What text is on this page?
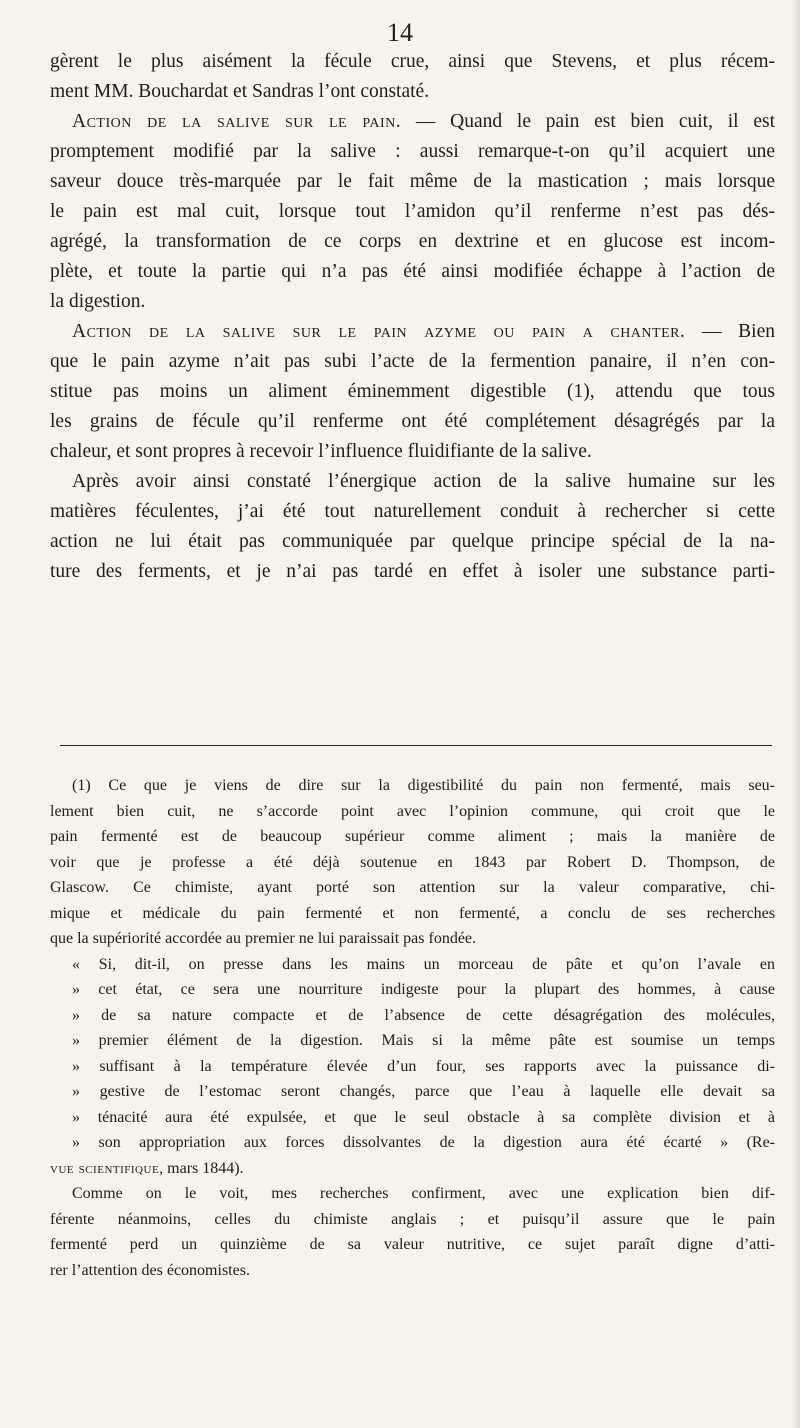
14
gèrent le plus aisément la fécule crue, ainsi que Stevens, et plus récem-
ment MM. Bouchardat et Sandras l’ont constaté.
Action de la salive sur le pain. — Quand le pain est bien cuit, il est
promptement modifié par la salive : aussi remarque-t-on qu’il acquiert une
saveur douce très-marquée par le fait même de la mastication ; mais lorsque
le pain est mal cuit, lorsque tout l’amidon qu’il renferme n’est pas dés-
agrégé, la transformation de ce corps en dextrine et en glucose est incom-
plète, et toute la partie qui n’a pas été ainsi modifiée échappe à l’action de
la digestion.
Action de la salive sur le pain azyme ou pain a chanter. — Bien
que le pain azyme n’ait pas subi l’acte de la fermention panaire, il n’en con-
stitue pas moins un aliment éminemment digestible (1), attendu que tous
les grains de fécule qu’il renferme ont été complétement désagrégés par la
chaleur, et sont propres à recevoir l’influence fluidifiante de la salive.
Après avoir ainsi constaté l’énergique action de la salive humaine sur les
matières féculentes, j’ai été tout naturellement conduit à rechercher si cette
action ne lui était pas communiquée par quelque principe spécial de la na-
ture des ferments, et je n’ai pas tardé en effet à isoler une substance parti-
(1) Ce que je viens de dire sur la digestibilité du pain non fermenté, mais seu-
lement bien cuit, ne s’accorde point avec l’opinion commune, qui croit que le
pain fermenté est de beaucoup supérieur comme aliment ; mais la manière de
voir que je professe a été déjà soutenue en 1843 par Robert D. Thompson, de
Glascow. Ce chimiste, ayant porté son attention sur la valeur comparative, chi-
mique et médicale du pain fermenté et non fermenté, a conclu de ses recherches
que la supériorité accordée au premier ne lui paraissait pas fondée.
« Si, dit-il, on presse dans les mains un morceau de pâte et qu’on l’avale en
» cet état, ce sera une nourriture indigeste pour la plupart des hommes, à cause
» de sa nature compacte et de l’absence de cette désagrégation des molécules,
» premier élément de la digestion. Mais si la même pâte est soumise un temps
» suffisant à la température élevée d’un four, ses rapports avec la puissance di-
» gestive de l’estomac seront changés, parce que l’eau à laquelle elle devait sa
» ténacité aura été expulsée, et que le seul obstacle à sa complète division et à
» son appropriation aux forces dissolvantes de la digestion aura été écarté » (Re-
vue scientifique, mars 1844).
Comme on le voit, mes recherches confirment, avec une explication bien dif-
férente néanmoins, celles du chimiste anglais ; et puisqu’il assure que le pain
fermenté perd un quinzième de sa valeur nutritive, ce sujet paraît digne d’atti-
rer l’attention des économistes.
